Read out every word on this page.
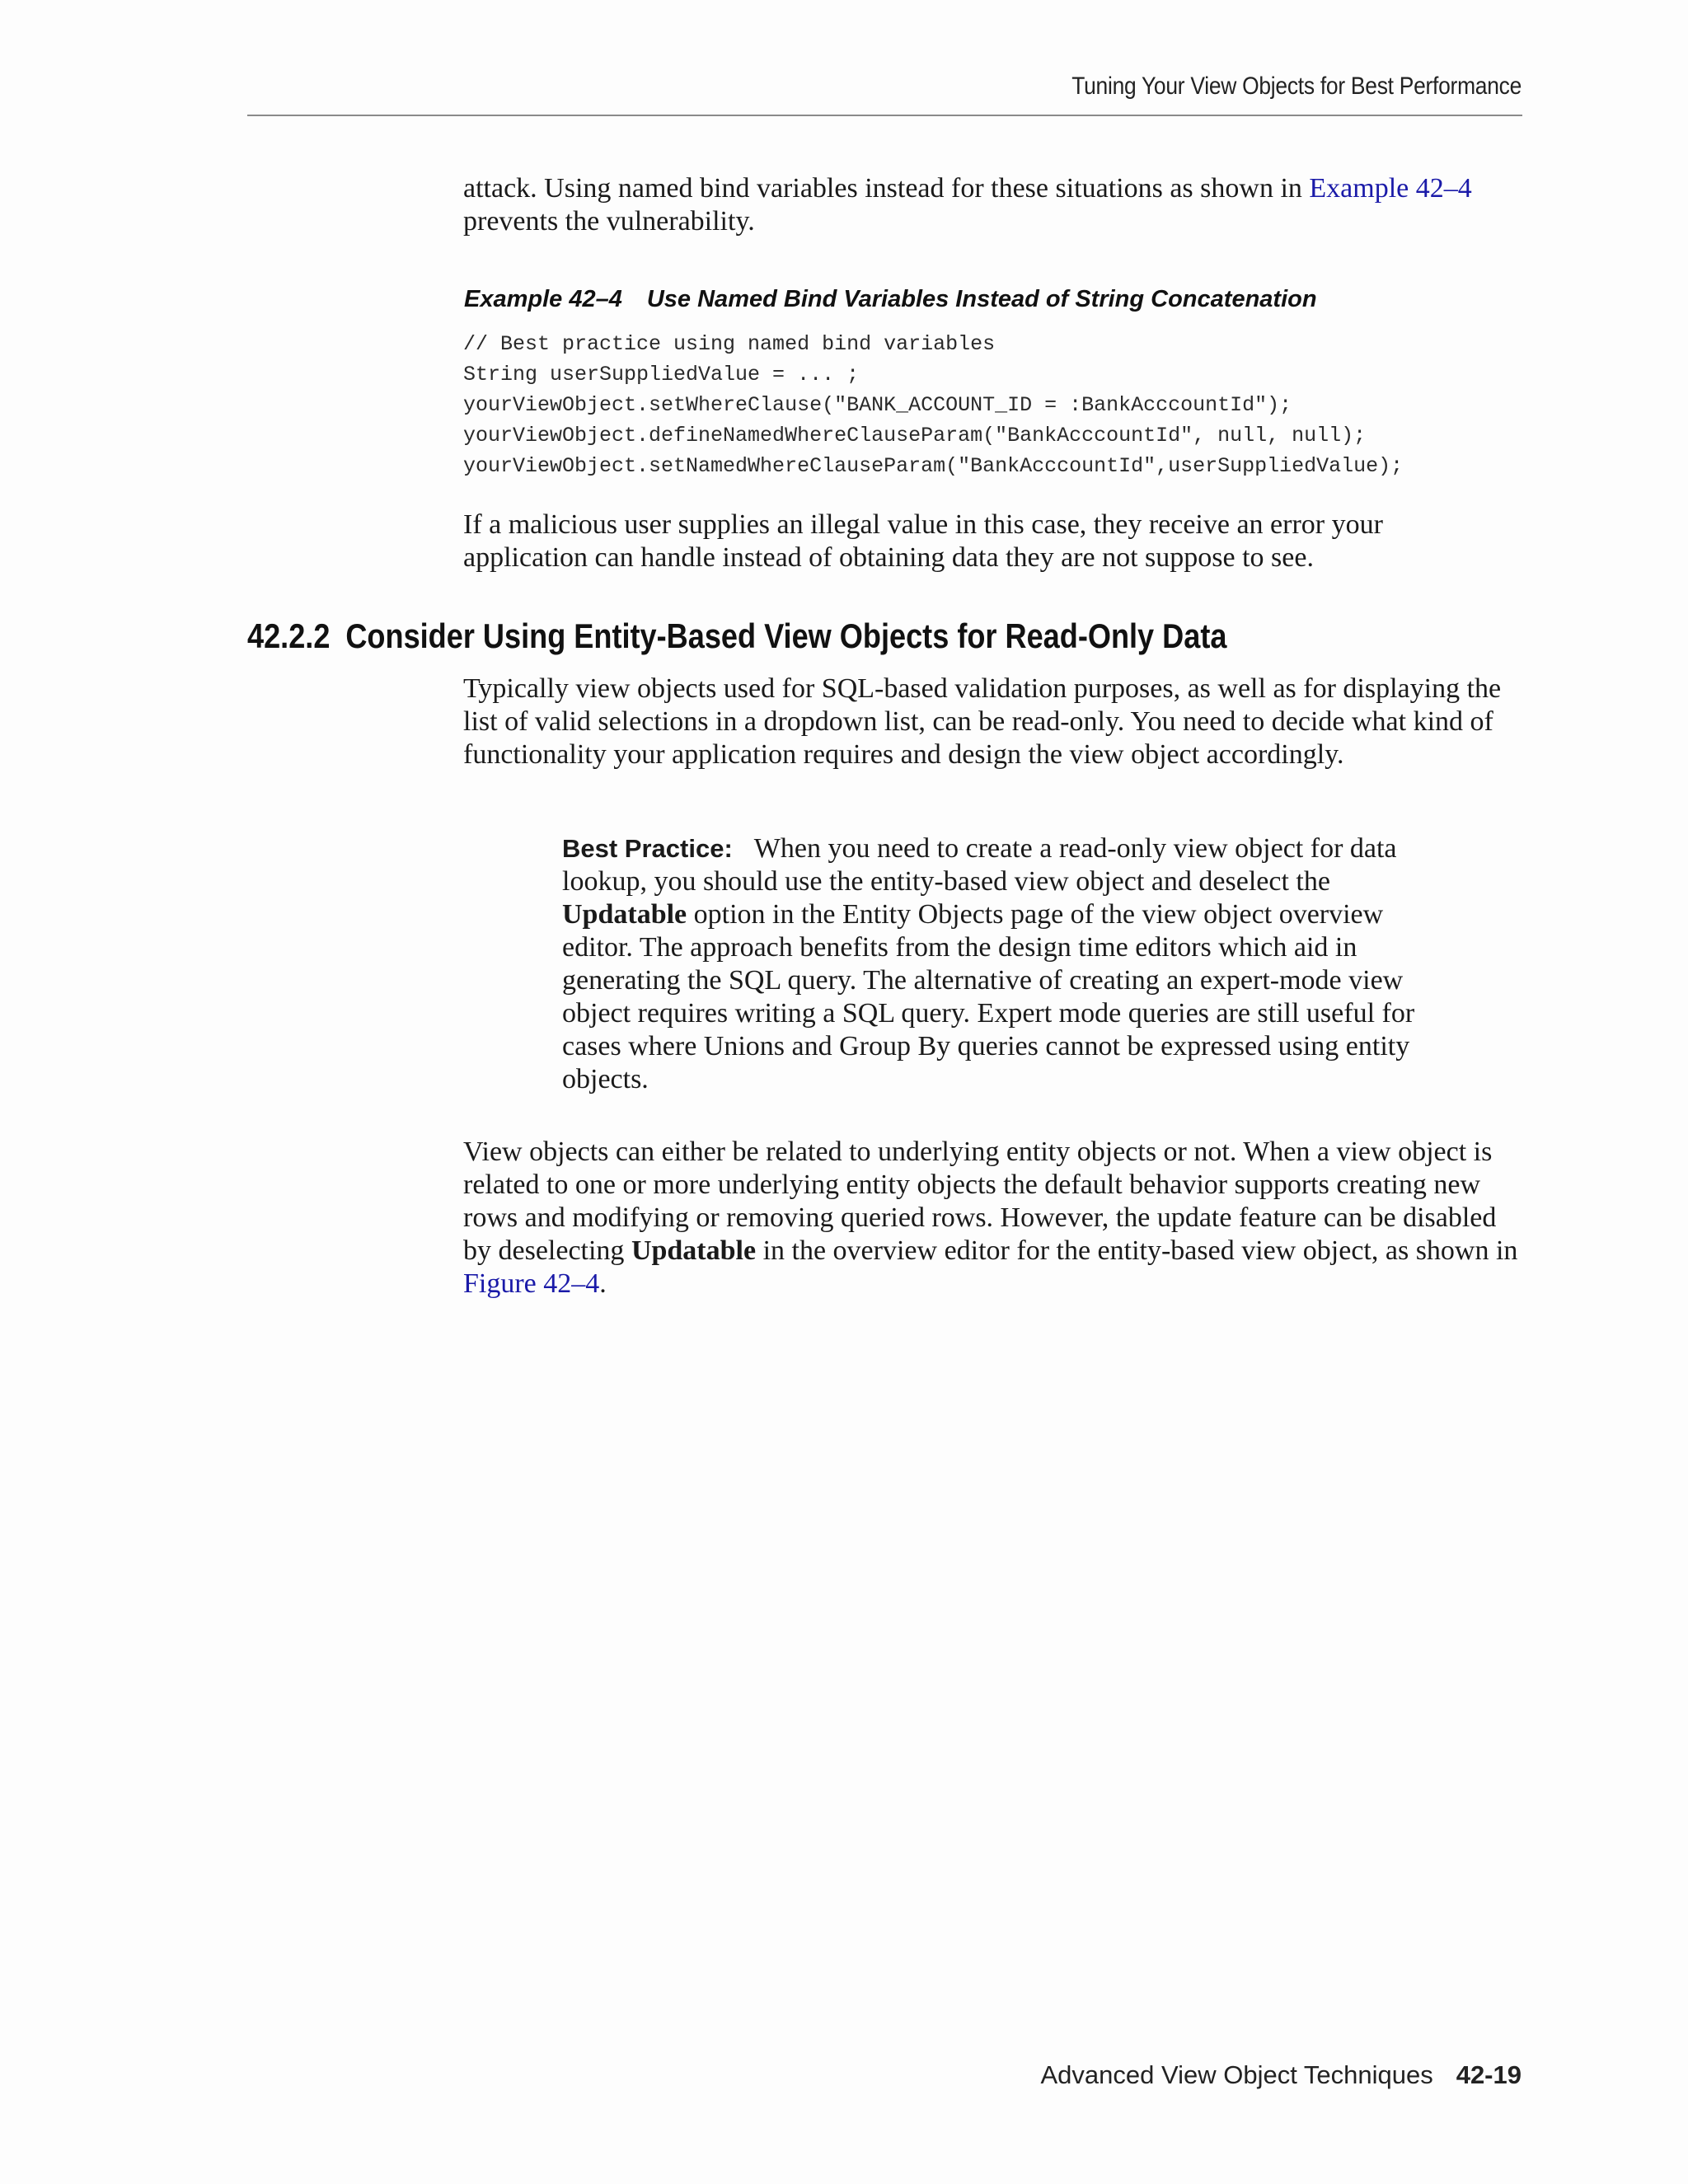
Tuning Your View Objects for Best Performance

attack. Using named bind variables instead for these situations as shown in Example 42–4 prevents the vulnerability.

Example 42–4 Use Named Bind Variables Instead of String Concatenation
// Best practice using named bind variables
String userSuppliedValue = ... ;
yourViewObject.setWhereClause("BANK_ACCOUNT_ID = :BankAcccountId");
yourViewObject.defineNamedWhereClauseParam("BankAcccountId", null, null);
yourViewObject.setNamedWhereClauseParam("BankAcccountId",userSuppliedValue);

If a malicious user supplies an illegal value in this case, they receive an error your application can handle instead of obtaining data they are not suppose to see.

42.2.2 Consider Using Entity-Based View Objects for Read-Only Data

Typically view objects used for SQL-based validation purposes, as well as for displaying the list of valid selections in a dropdown list, can be read-only. You need to decide what kind of functionality your application requires and design the view object accordingly.

Best Practice: When you need to create a read-only view object for data lookup, you should use the entity-based view object and deselect the Updatable option in the Entity Objects page of the view object overview editor. The approach benefits from the design time editors which aid in generating the SQL query. The alternative of creating an expert-mode view object requires writing a SQL query. Expert mode queries are still useful for cases where Unions and Group By queries cannot be expressed using entity objects.

View objects can either be related to underlying entity objects or not. When a view object is related to one or more underlying entity objects the default behavior supports creating new rows and modifying or removing queried rows. However, the update feature can be disabled by deselecting Updatable in the overview editor for the entity-based view object, as shown in Figure 42–4.

Advanced View Object Techniques 42-19
